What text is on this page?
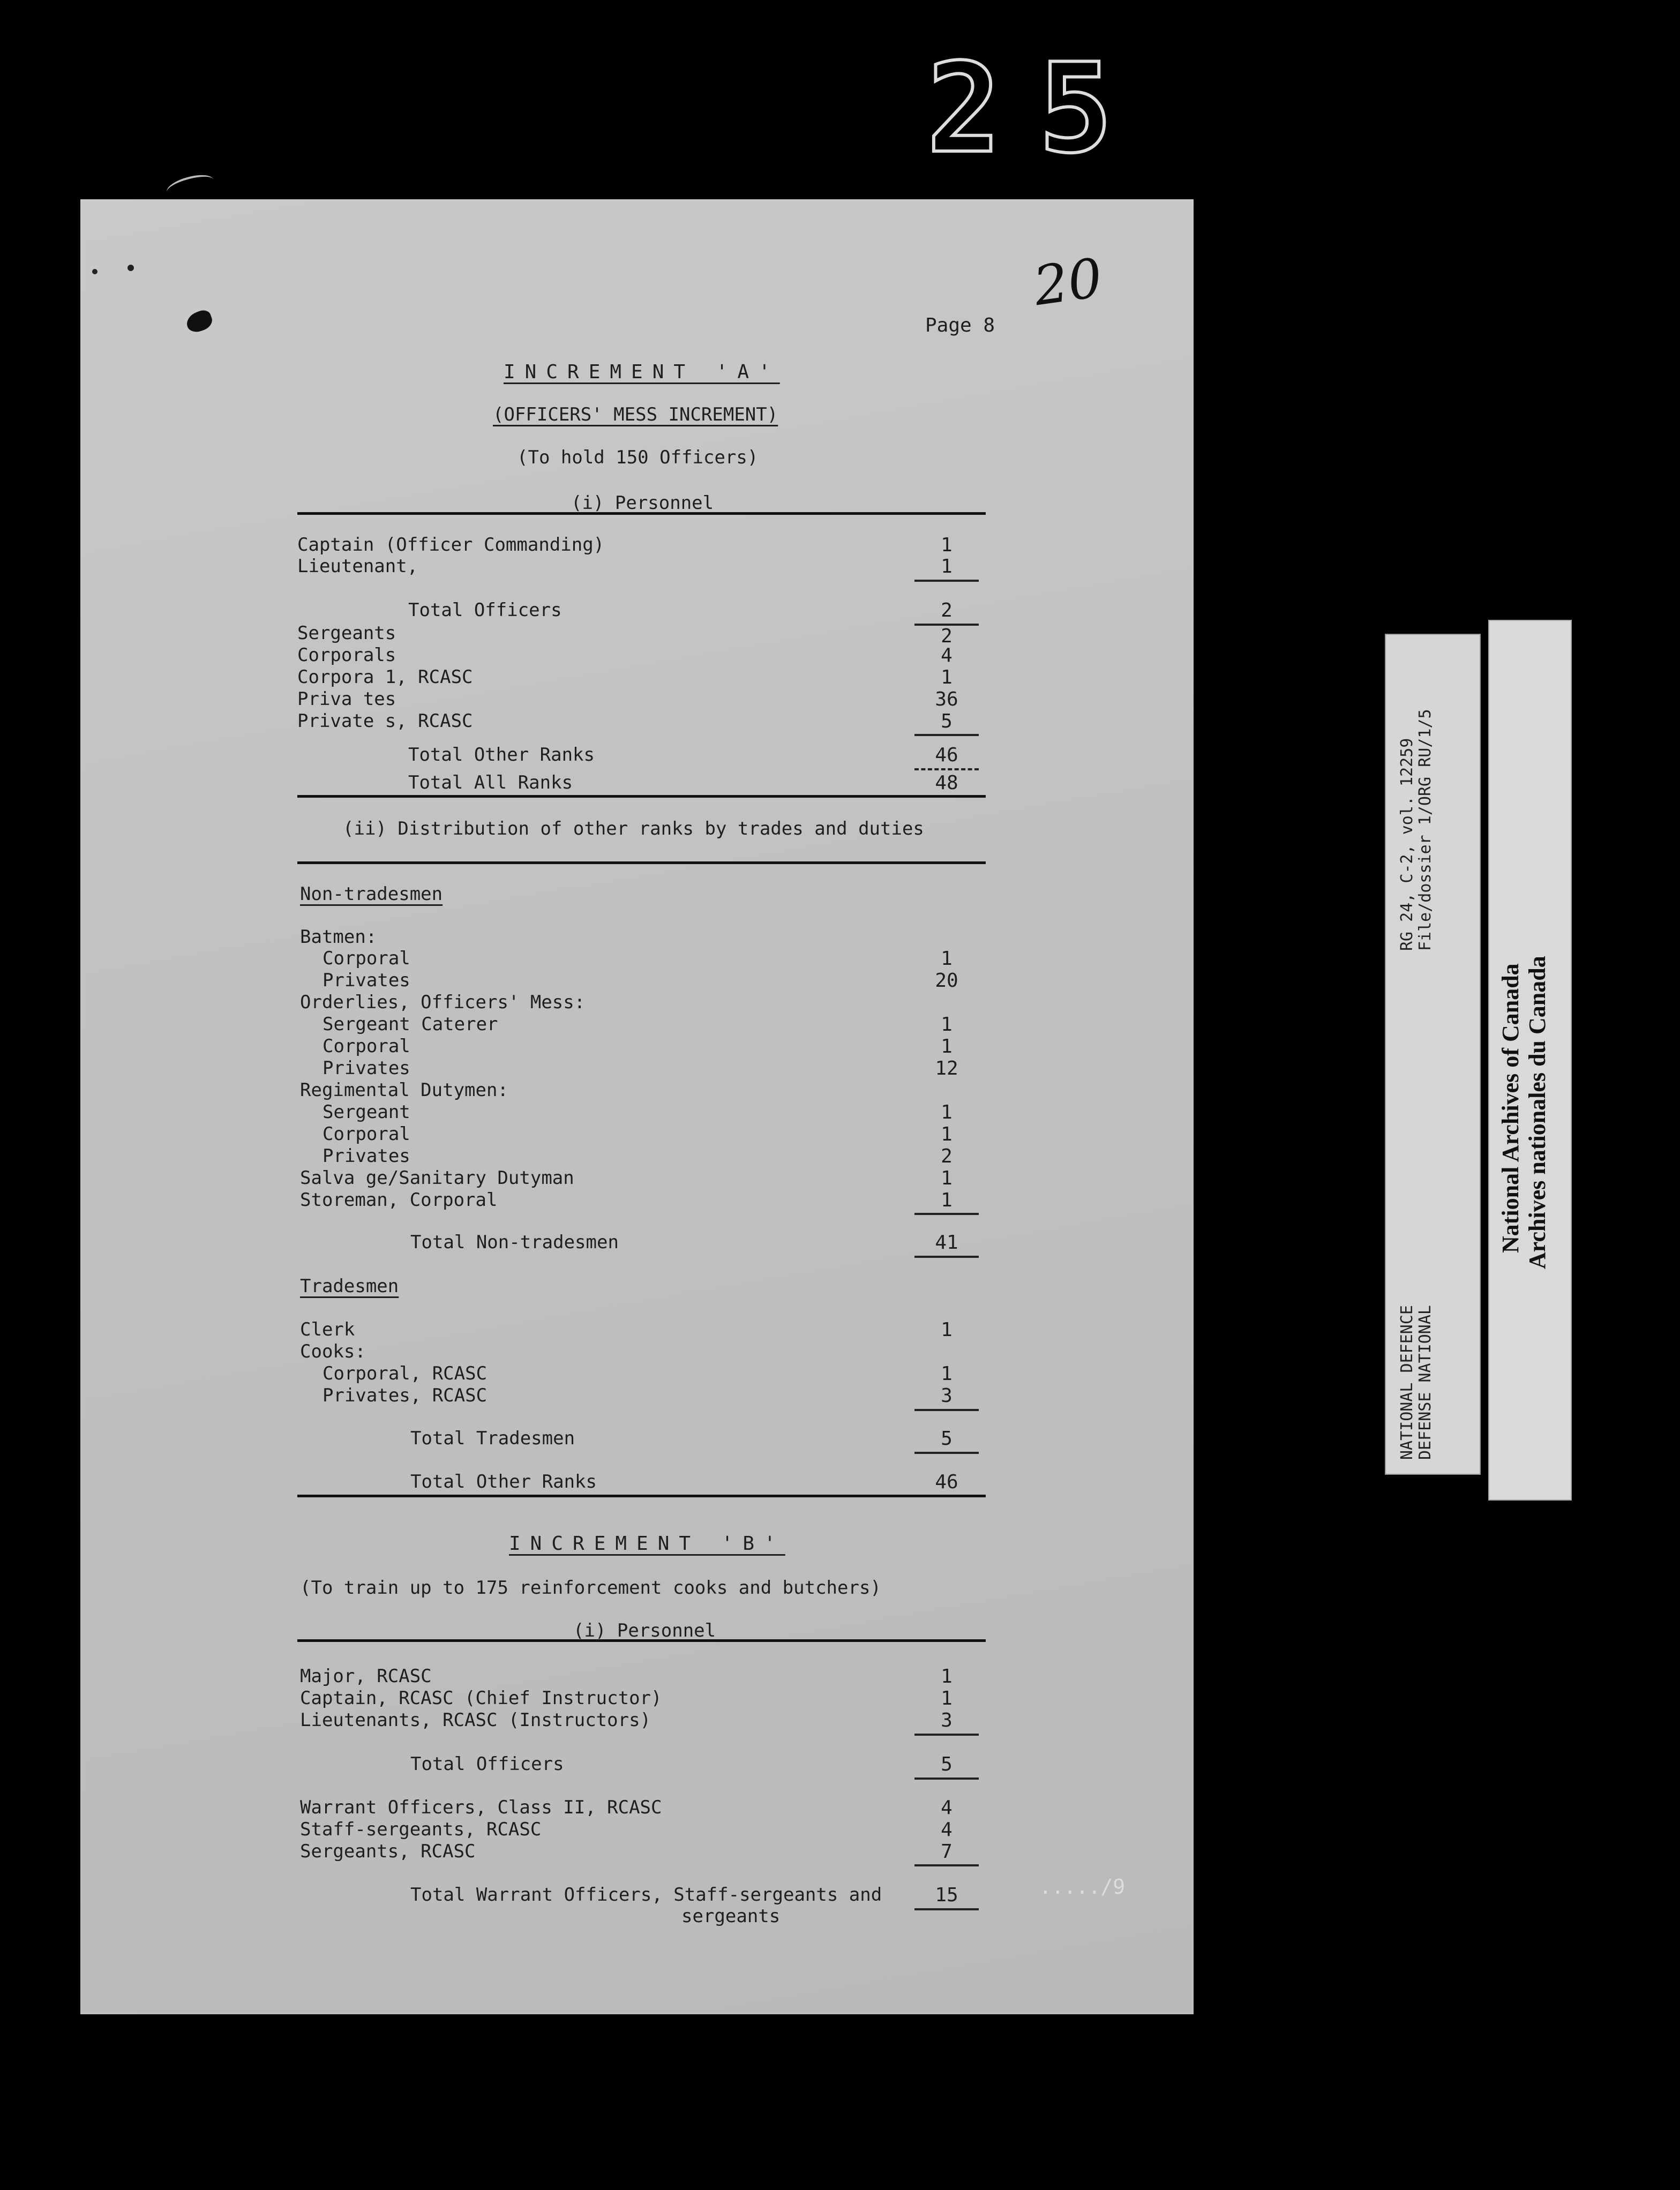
25
20
Page 8
INCREMENT 'A'
(OFFICERS' MESS INCREMENT)
(To hold 150 Officers)
(i) Personnel
Captain (Officer Commanding)	1
Lieutenant,	1
Total Officers	2
Sergeants	2
Corporals	4
Corpora 1, RCASC	1
Priva tes	36
Private s, RCASC	5
Total Other Ranks	46
Total All Ranks	48
(ii) Distribution of other ranks by trades and duties
Non-tradesmen
Batmen:
Corporal	1
Privates	20
Orderlies, Officers' Mess:
Sergeant Caterer	1
Corporal	1
Privates	12
Regimental Dutymen:
Sergeant	1
Corporal	1
Privates	2
Salva ge/Sanitary Dutyman	1
Storeman, Corporal	1
Total Non-tradesmen	41
Tradesmen
Clerk	1
Cooks:
Corporal, RCASC	1
Privates, RCASC	3
Total Tradesmen	5
Total Other Ranks	46
INCREMENT 'B'
(To train up to 175 reinforcement cooks and butchers)
(i) Personnel
Major, RCASC	1
Captain, RCASC (Chief Instructor)	1
Lieutenants, RCASC (Instructors)	3
Total Officers	5
Warrant Officers, Class II, RCASC	4
Staff-sergeants, RCASC	4
Sergeants, RCASC	7
Total Warrant Officers, Staff-sergeants and	15
sergeants
...../9
RG 24, C-2, vol. 12259 File/dossier 1/ORG RU/1/5
NATIONAL DEFENCE DEFENSE NATIONAL
National Archives of Canada Archives nationales du Canada
